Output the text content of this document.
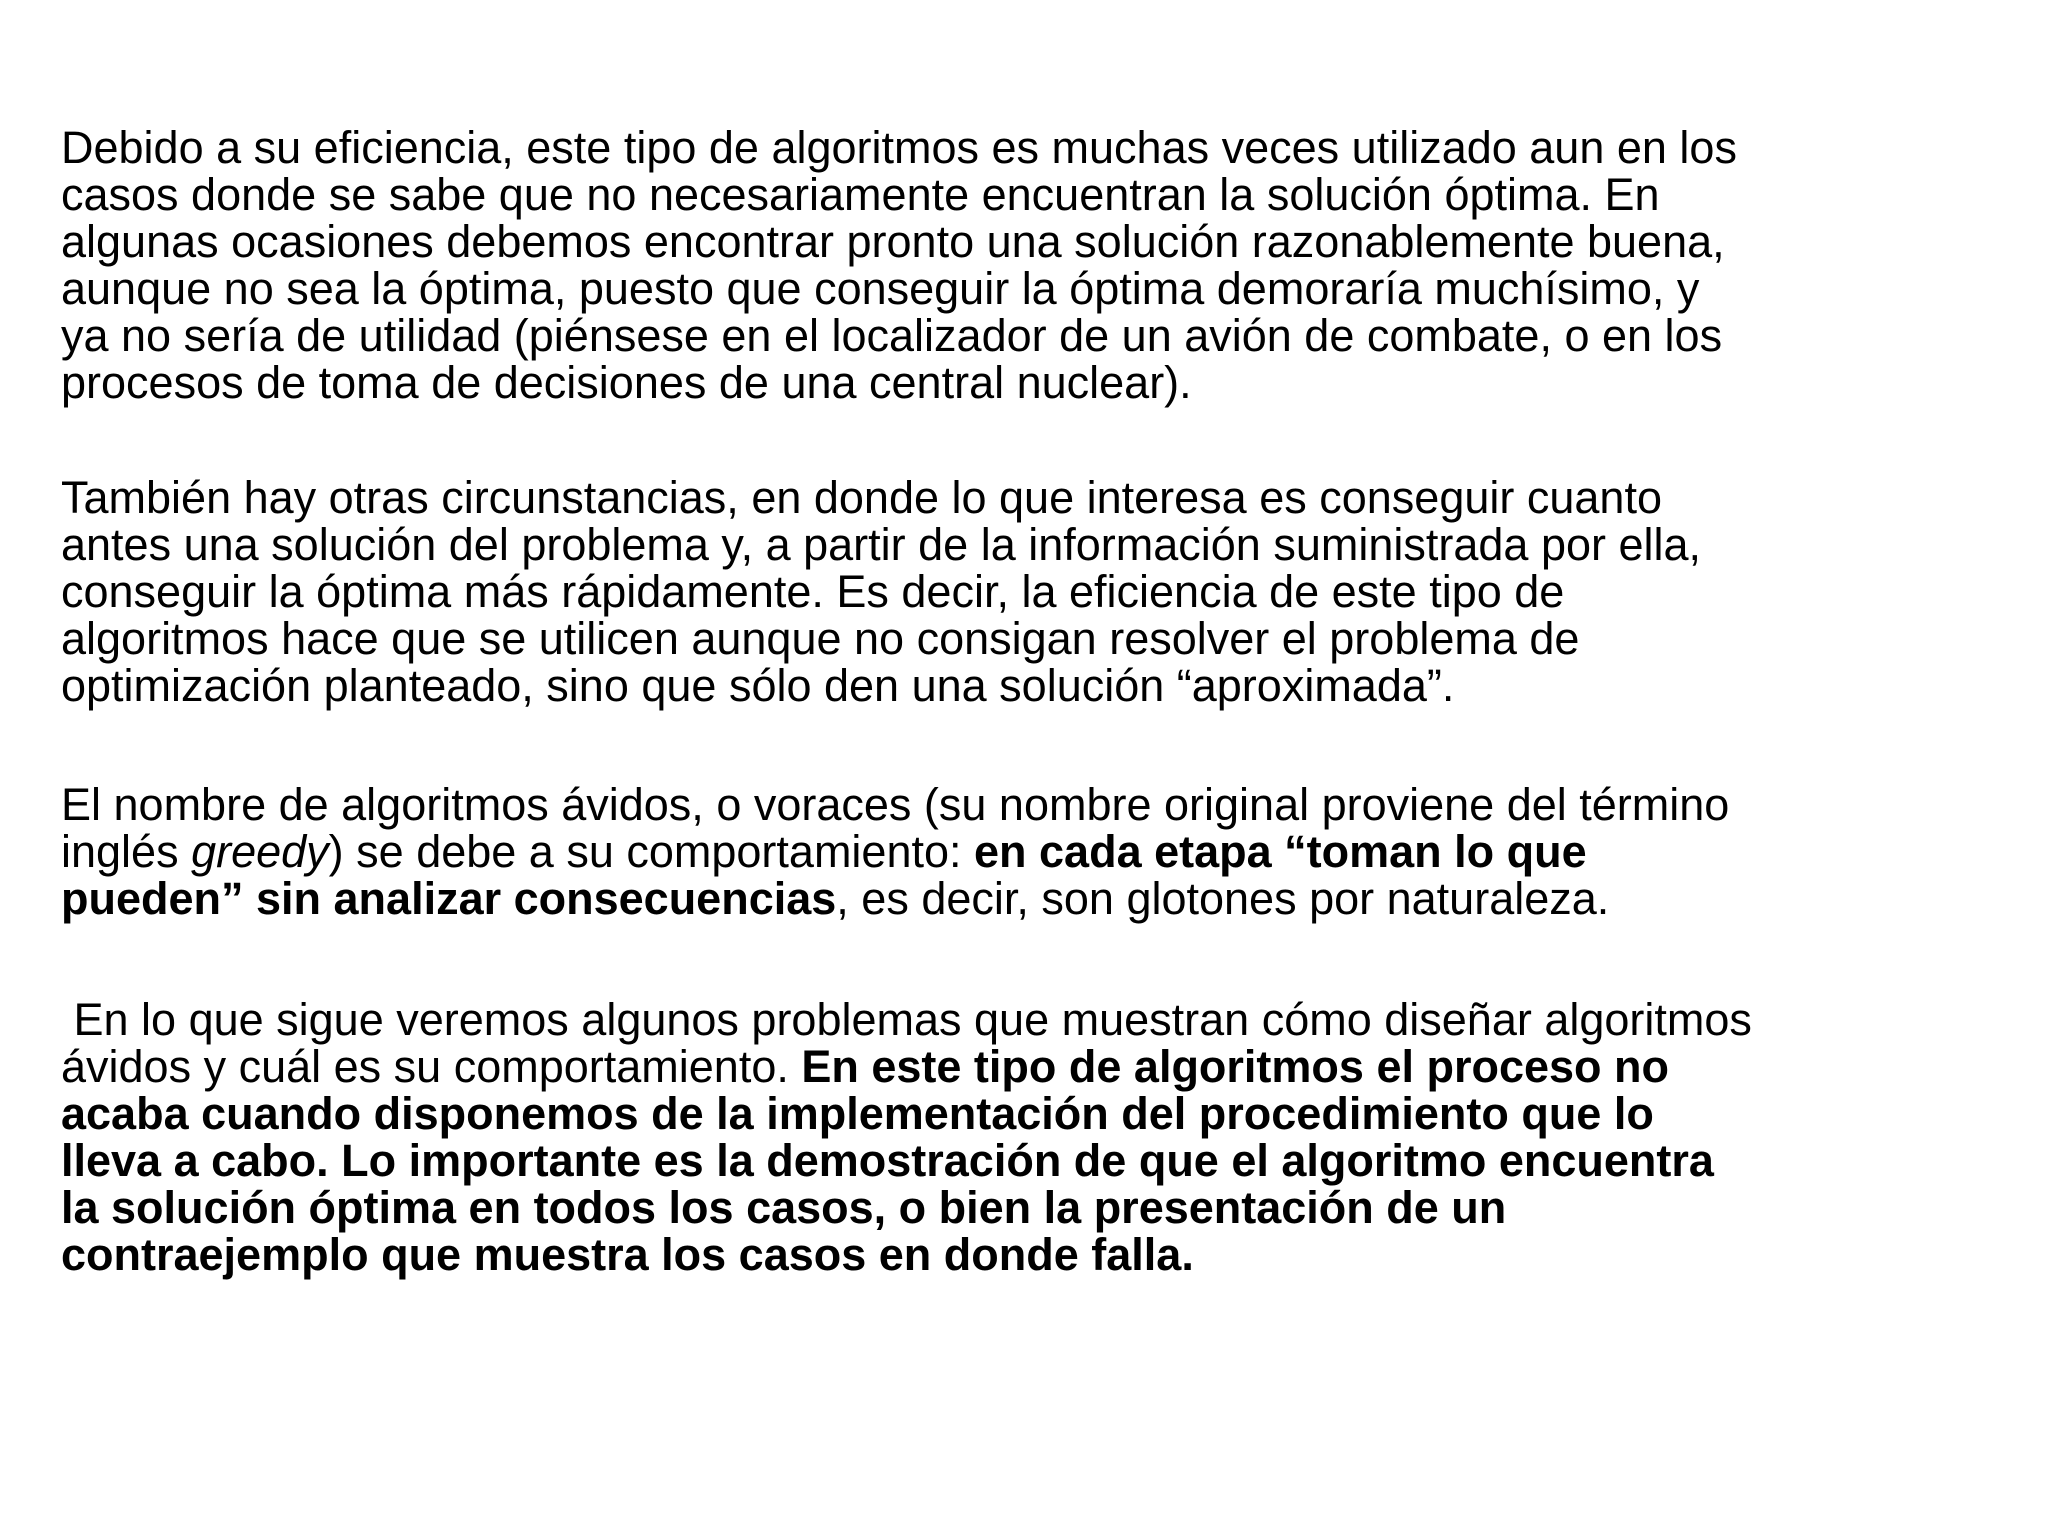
Debido a su eficiencia, este tipo de algoritmos es muchas veces utilizado aun en los
casos donde se sabe que no necesariamente encuentran la solución óptima. En
algunas ocasiones debemos encontrar pronto una solución razonablemente buena,
aunque no sea la óptima, puesto que conseguir la óptima demoraría muchísimo, y
ya no sería de utilidad (piénsese en el localizador de un avión de combate, o en los
procesos de toma de decisiones de una central nuclear).

También hay otras circunstancias, en donde lo que interesa es conseguir cuanto
antes una solución del problema y, a partir de la información suministrada por ella,
conseguir la óptima más rápidamente. Es decir, la eficiencia de este tipo de
algoritmos hace que se utilicen aunque no consigan resolver el problema de
optimización planteado, sino que sólo den una solución “aproximada”.

El nombre de algoritmos ávidos, o voraces (su nombre original proviene del término
inglés greedy) se debe a su comportamiento: en cada etapa “toman lo que
pueden” sin analizar consecuencias, es decir, son glotones por naturaleza.

En lo que sigue veremos algunos problemas que muestran cómo diseñar algoritmos
ávidos y cuál es su comportamiento. En este tipo de algoritmos el proceso no
acaba cuando disponemos de la implementación del procedimiento que lo
lleva a cabo. Lo importante es la demostración de que el algoritmo encuentra
la solución óptima en todos los casos, o bien la presentación de un
contraejemplo que muestra los casos en donde falla.
